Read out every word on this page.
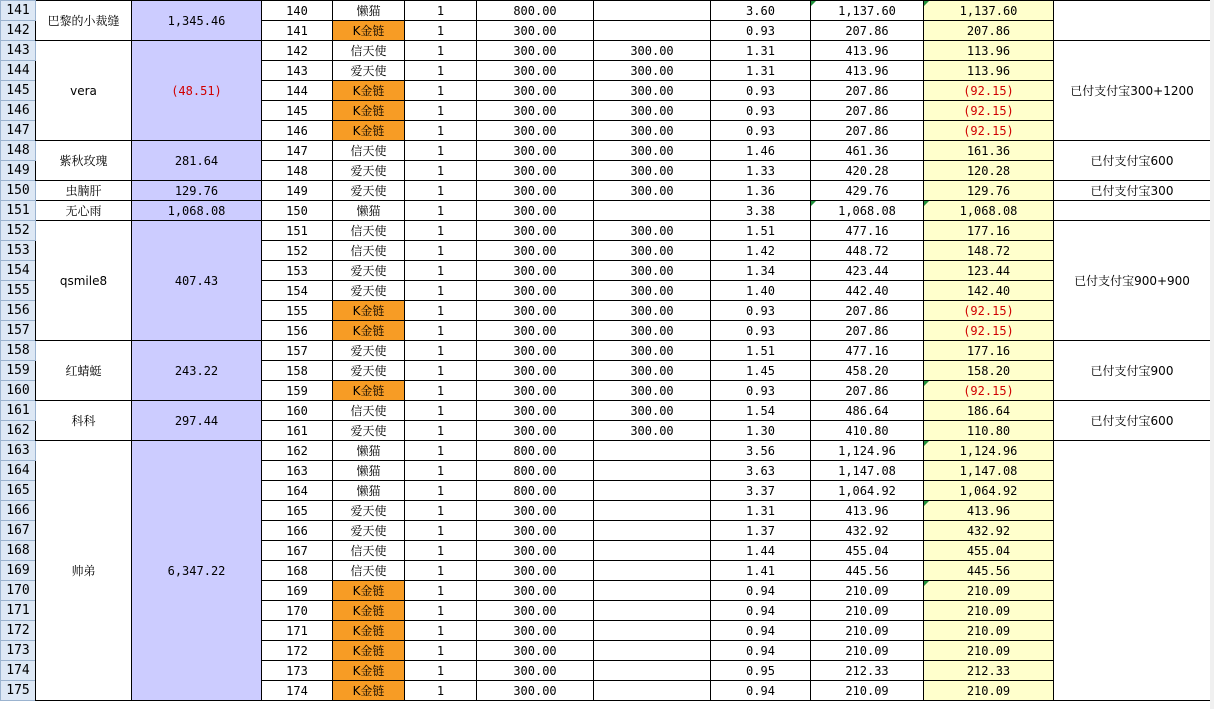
141	巴黎的小裁缝	1,345.46	140	懒猫	1	800.00		3.60	1,137.60	1,137.60	
142			141	K金链	1	300.00		0.93	207.86	207.86	
143	vera	(48.51)	142	信天使	1	300.00	300.00	1.31	413.96	113.96	已付支付宝300+1200
144			143	爱天使	1	300.00	300.00	1.31	413.96	113.96	
145			144	K金链	1	300.00	300.00	0.93	207.86	(92.15)	
146			145	K金链	1	300.00	300.00	0.93	207.86	(92.15)	
147			146	K金链	1	300.00	300.00	0.93	207.86	(92.15)	
148	紫秋玫瑰	281.64	147	信天使	1	300.00	300.00	1.46	461.36	161.36	已付支付宝600
149			148	爱天使	1	300.00	300.00	1.33	420.28	120.28	
150	虫腩肝	129.76	149	爱天使	1	300.00	300.00	1.36	429.76	129.76	已付支付宝300
151	无心雨	1,068.08	150	懒猫	1	300.00		3.38	1,068.08	1,068.08	
152	qsmile8	407.43	151	信天使	1	300.00	300.00	1.51	477.16	177.16	已付支付宝900+900
153			152	信天使	1	300.00	300.00	1.42	448.72	148.72	
154			153	爱天使	1	300.00	300.00	1.34	423.44	123.44	
155			154	爱天使	1	300.00	300.00	1.40	442.40	142.40	
156			155	K金链	1	300.00	300.00	0.93	207.86	(92.15)	
157			156	K金链	1	300.00	300.00	0.93	207.86	(92.15)	
158	红蜻蜓	243.22	157	爱天使	1	300.00	300.00	1.51	477.16	177.16	已付支付宝900
159			158	爱天使	1	300.00	300.00	1.45	458.20	158.20	
160			159	K金链	1	300.00	300.00	0.93	207.86	(92.15)	
161	科科	297.44	160	信天使	1	300.00	300.00	1.54	486.64	186.64	已付支付宝600
162			161	爱天使	1	300.00	300.00	1.30	410.80	110.80	
163	帅弟	6,347.22	162	懒猫	1	800.00		3.56	1,124.96	1,124.96	
164			163	懒猫	1	800.00		3.63	1,147.08	1,147.08	
165			164	懒猫	1	800.00		3.37	1,064.92	1,064.92	
166			165	爱天使	1	300.00		1.31	413.96	413.96	
167			166	爱天使	1	300.00		1.37	432.92	432.92	
168			167	信天使	1	300.00		1.44	455.04	455.04	
169			168	信天使	1	300.00		1.41	445.56	445.56	
170			169	K金链	1	300.00		0.94	210.09	210.09	
171			170	K金链	1	300.00		0.94	210.09	210.09	
172			171	K金链	1	300.00		0.94	210.09	210.09	
173			172	K金链	1	300.00		0.94	210.09	210.09	
174			173	K金链	1	300.00		0.95	212.33	212.33	
175			174	K金链	1	300.00		0.94	210.09	210.09	
